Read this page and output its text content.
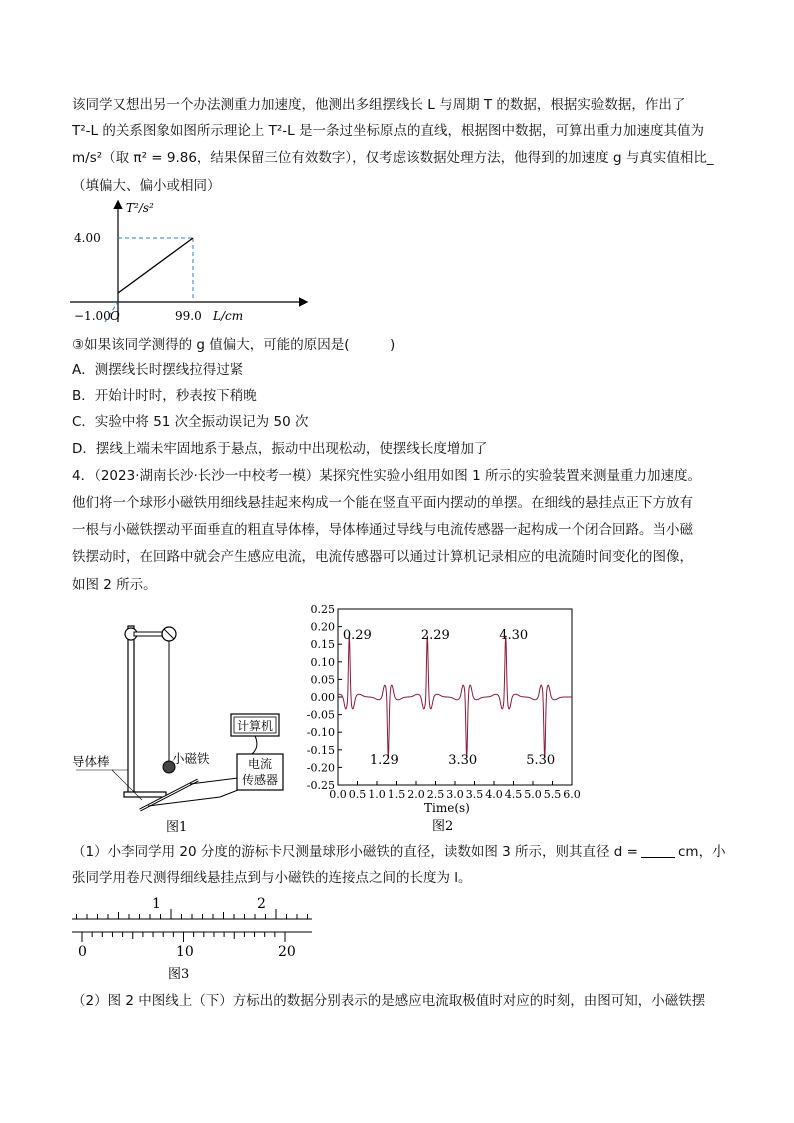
该同学又想出另一个办法测重力加速度，他测出多组摆线长 L 与周期 T 的数据，根据实验数据，作出了
T²-L 的关系图象如图所示理论上 T²-L 是一条过坐标原点的直线，根据图中数据，可算出重力加速度其值为
m/s²（取 π² = 9.86，结果保留三位有效数字），仅考虑该数据处理方法，他得到的加速度 g 与真实值相比_
（填偏大、偏小或相同）
T²/s²
4.00
−1.00 O	99.0 L/cm
③如果该同学测得的 g 值偏大，可能的原因是(　　　)
A．测摆线长时摆线拉得过紧
B．开始计时时，秒表按下稍晚
C．实验中将 51 次全振动误记为 50 次
D．摆线上端未牢固地系于悬点，振动中出现松动，使摆线长度增加了
4．（2023·湖南长沙·长沙一中校考一模）某探究性实验小组用如图 1 所示的实验装置来测量重力加速度。
他们将一个球形小磁铁用细线悬挂起来构成一个能在竖直平面内摆动的单摆。在细线的悬挂点正下方放有
一根与小磁铁摆动平面垂直的粗直导体棒，导体棒通过导线与电流传感器一起构成一个闭合回路。当小磁
铁摆动时，在回路中就会产生感应电流，电流传感器可以通过计算机记录相应的电流随时间变化的图像，
如图 2 所示。
计算机
电流
传感器
小磁铁
导体棒
图1
0.25
0.20
0.15
0.10
0.05
0.00
-0.05
-0.10
-0.15
-0.20
-0.25
0.0 0.5 1.0 1.5 2.0 2.5 3.0 3.5 4.0 4.5 5.0 5.5 6.0
0.29	2.29	4.30
1.29	3.30	5.30
Time(s)
图2
（1）小李同学用 20 分度的游标卡尺测量球形小磁铁的直径，读数如图 3 所示，则其直径 d =	cm，小
张同学用卷尺测得细线悬挂点到与小磁铁的连接点之间的长度为 l。
1	2
0	10	20
图3
（2）图 2 中图线上（下）方标出的数据分别表示的是感应电流取极值时对应的时刻，由图可知，小磁铁摆
